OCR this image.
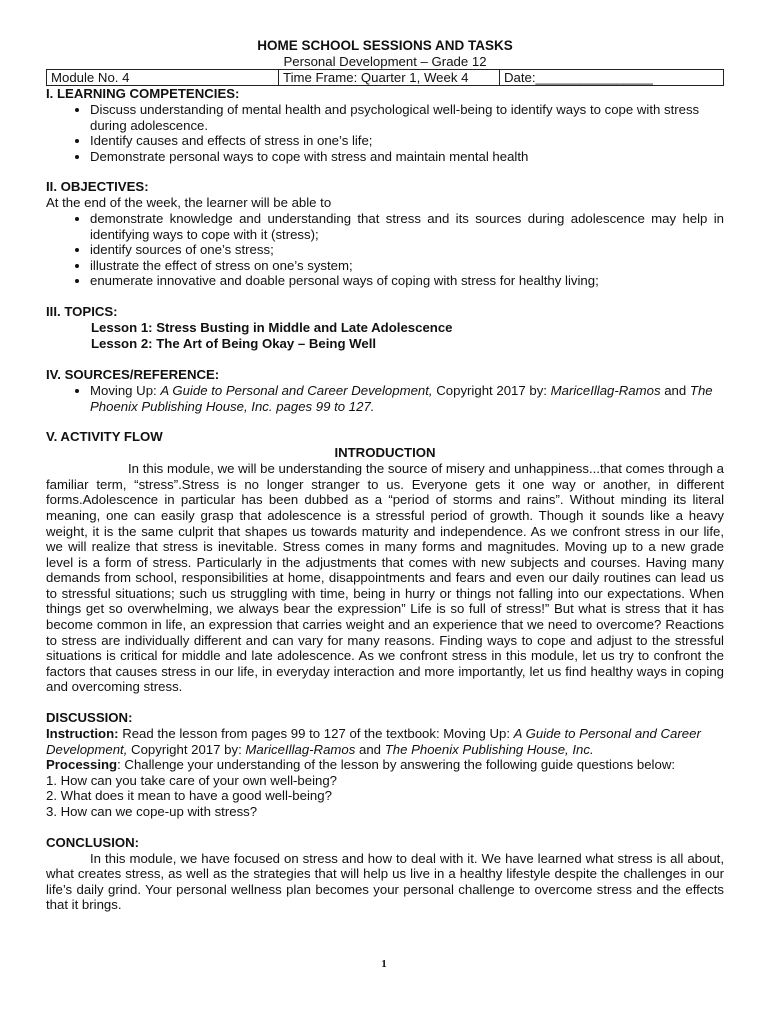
HOME SCHOOL SESSIONS AND TASKS
Personal Development – Grade 12
Module No. 4	Time Frame: Quarter 1, Week 4	Date:________________
I. LEARNING COMPETENCIES:
• Discuss understanding of mental health and psychological well-being to identify ways to cope with stress during adolescence.
• Identify causes and effects of stress in one’s life;
• Demonstrate personal ways to cope with stress and maintain mental health
II. OBJECTIVES:

At the end of the week, the learner will be able to

• demonstrate knowledge and understanding that stress and its sources during adolescence may help in identifying ways to cope with it (stress);
• identify sources of one’s stress;
• illustrate the effect of stress on one’s system;
• enumerate innovative and doable personal ways of coping with stress for healthy living;
III. TOPICS:
Lesson 1: Stress Busting in Middle and Late Adolescence
Lesson 2: The Art of Being Okay – Being Well
IV. SOURCES/REFERENCE:
• Moving Up: A Guide to Personal and Career Development, Copyright 2017 by: MariceIllag-Ramos and The Phoenix Publishing House, Inc. pages 99 to 127.
V. ACTIVITY FLOW
INTRODUCTION

In this module, we will be understanding the source of misery and unhappiness...that comes through a familiar term, “stress”.Stress is no longer stranger to us. Everyone gets it one way or another, in different forms.Adolescence in particular has been dubbed as a “period of storms and rains”. Without minding its literal meaning, one can easily grasp that adolescence is a stressful period of growth. Though it sounds like a heavy weight, it is the same culprit that shapes us towards maturity and independence. As we confront stress in our life, we will realize that stress is inevitable. Stress comes in many forms and magnitudes. Moving up to a new grade level is a form of stress. Particularly in the adjustments that comes with new subjects and courses. Having many demands from school, responsibilities at home, disappointments and fears and even our daily routines can lead us to stressful situations; such us struggling with time, being in hurry or things not falling into our expectations. When things get so overwhelming, we always bear the expression” Life is so full of stress!” But what is stress that it has become common in life, an expression that carries weight and an experience that we need to overcome? Reactions to stress are individually different and can vary for many reasons. Finding ways to cope and adjust to the stressful situations is critical for middle and late adolescence. As we confront stress in this module, let us try to confront the factors that causes stress in our life, in everyday interaction and more importantly, let us find healthy ways in coping and overcoming stress.

DISCUSSION:

Instruction: Read the lesson from pages 99 to 127 of the textbook: Moving Up: A Guide to Personal and Career Development, Copyright 2017 by: MariceIllag-Ramos and The Phoenix Publishing House, Inc.

Processing: Challenge your understanding of the lesson by answering the following guide questions below:

1. How can you take care of your own well-being?

2. What does it mean to have a good well-being?

3. How can we cope-up with stress?

CONCLUSION:

In this module, we have focused on stress and how to deal with it. We have learned what stress is all about, what creates stress, as well as the strategies that will help us live in a healthy lifestyle despite the challenges in our life’s daily grind. Your personal wellness plan becomes your personal challenge to overcome stress and the effects that it brings.

1
